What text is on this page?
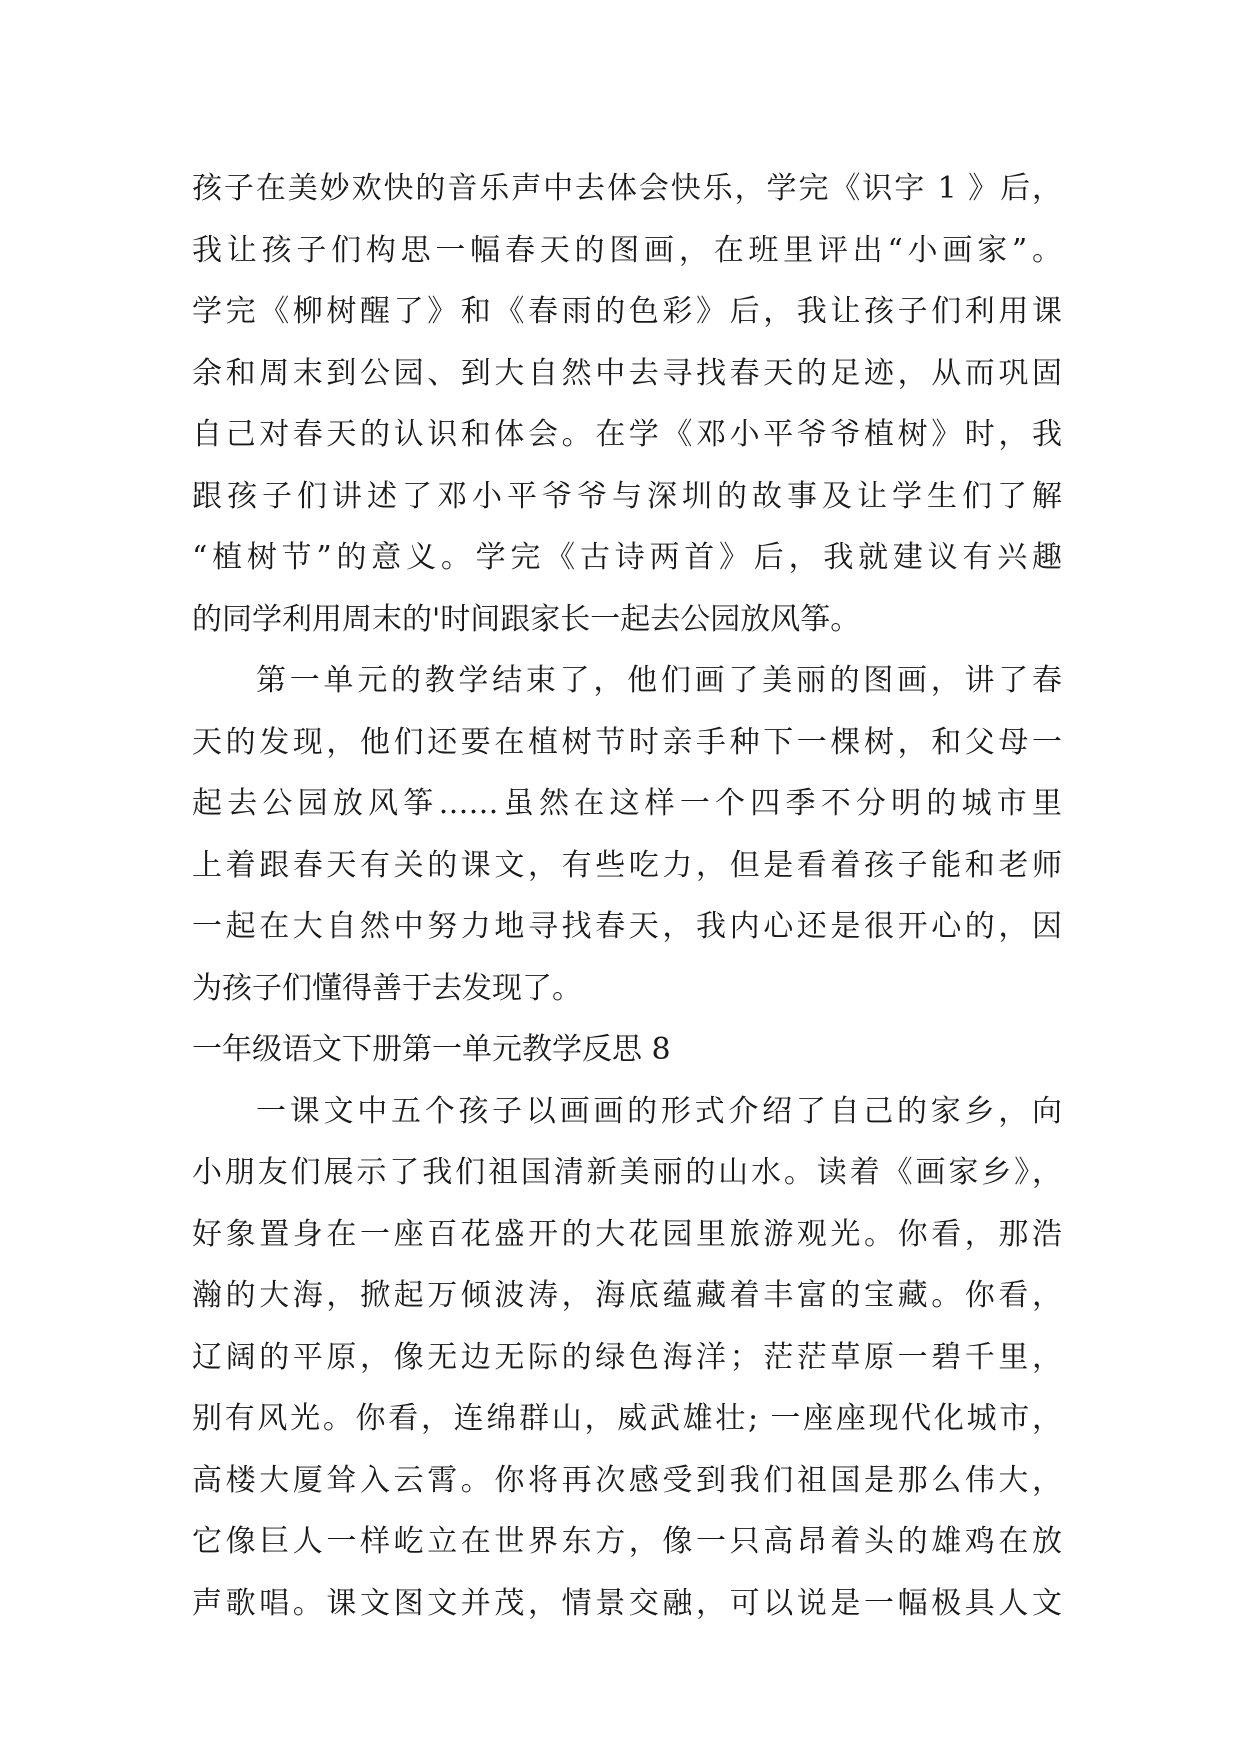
孩子在美妙欢快的音乐声中去体会快乐，学完《识字 1 》后，
我让孩子们构思一幅春天的图画，在班里评出“小画家”。
学完《柳树醒了》和《春雨的色彩》后，我让孩子们利用课
余和周末到公园、到大自然中去寻找春天的足迹，从而巩固
自己对春天的认识和体会。在学《邓小平爷爷植树》时，我
跟孩子们讲述了邓小平爷爷与深圳的故事及让学生们了解
“植树节”的意义。学完《古诗两首》后，我就建议有兴趣
的同学利用周末的'时间跟家长一起去公园放风筝。
第一单元的教学结束了，他们画了美丽的图画，讲了春
天的发现，他们还要在植树节时亲手种下一棵树，和父母一
起去公园放风筝……虽然在这样一个四季不分明的城市里
上着跟春天有关的课文，有些吃力，但是看着孩子能和老师
一起在大自然中努力地寻找春天，我内心还是很开心的，因
为孩子们懂得善于去发现了。
一年级语文下册第一单元教学反思 8
一课文中五个孩子以画画的形式介绍了自己的家乡，向
小朋友们展示了我们祖国清新美丽的山水。读着《画家乡》，
好象置身在一座百花盛开的大花园里旅游观光。你看，那浩
瀚的大海，掀起万倾波涛，海底蕴藏着丰富的宝藏。你看，
辽阔的平原，像无边无际的绿色海洋；茫茫草原一碧千里，
别有风光。你看，连绵群山，威武雄壮; 一座座现代化城市，
高楼大厦耸入云霄。你将再次感受到我们祖国是那么伟大，
它像巨人一样屹立在世界东方，像一只高昂着头的雄鸡在放
声歌唱。课文图文并茂，情景交融，可以说是一幅极具人文
